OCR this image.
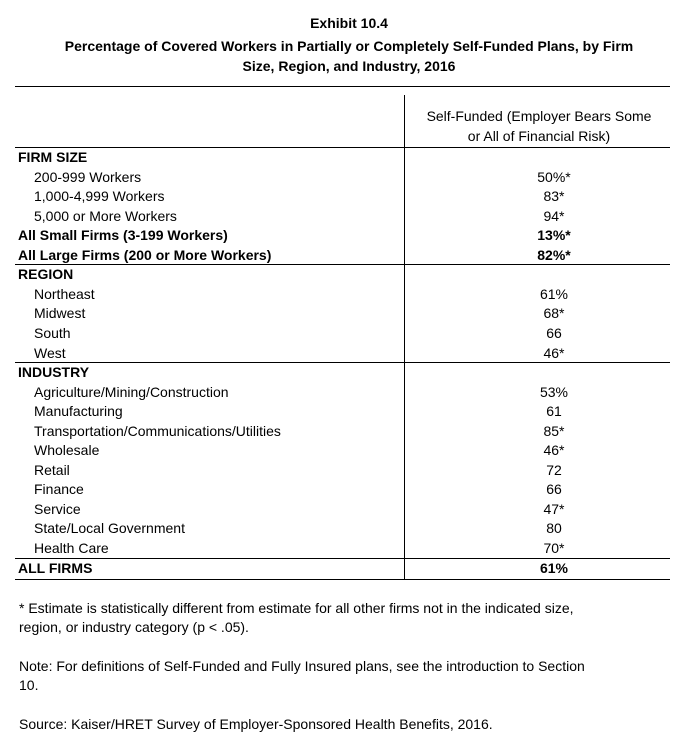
Exhibit 10.4
Percentage of Covered Workers in Partially or Completely Self-Funded Plans, by Firm
Size, Region, and Industry, 2016
Self-Funded (Employer Bears Some
or All of Financial Risk)
FIRM SIZE
200-999 Workers	50%*
1,000-4,999 Workers	83*
5,000 or More Workers	94*
All Small Firms (3-199 Workers)	13%*
All Large Firms (200 or More Workers)	82%*
REGION
Northeast	61%
Midwest	68*
South	66
West	46*
INDUSTRY
Agriculture/Mining/Construction	53%
Manufacturing	61
Transportation/Communications/Utilities	85*
Wholesale	46*
Retail	72
Finance	66
Service	47*
State/Local Government	80
Health Care	70*
ALL FIRMS	61%
* Estimate is statistically different from estimate for all other firms not in the indicated size,
region, or industry category (p < .05).
Note: For definitions of Self-Funded and Fully Insured plans, see the introduction to Section
10.
Source: Kaiser/HRET Survey of Employer-Sponsored Health Benefits, 2016.
